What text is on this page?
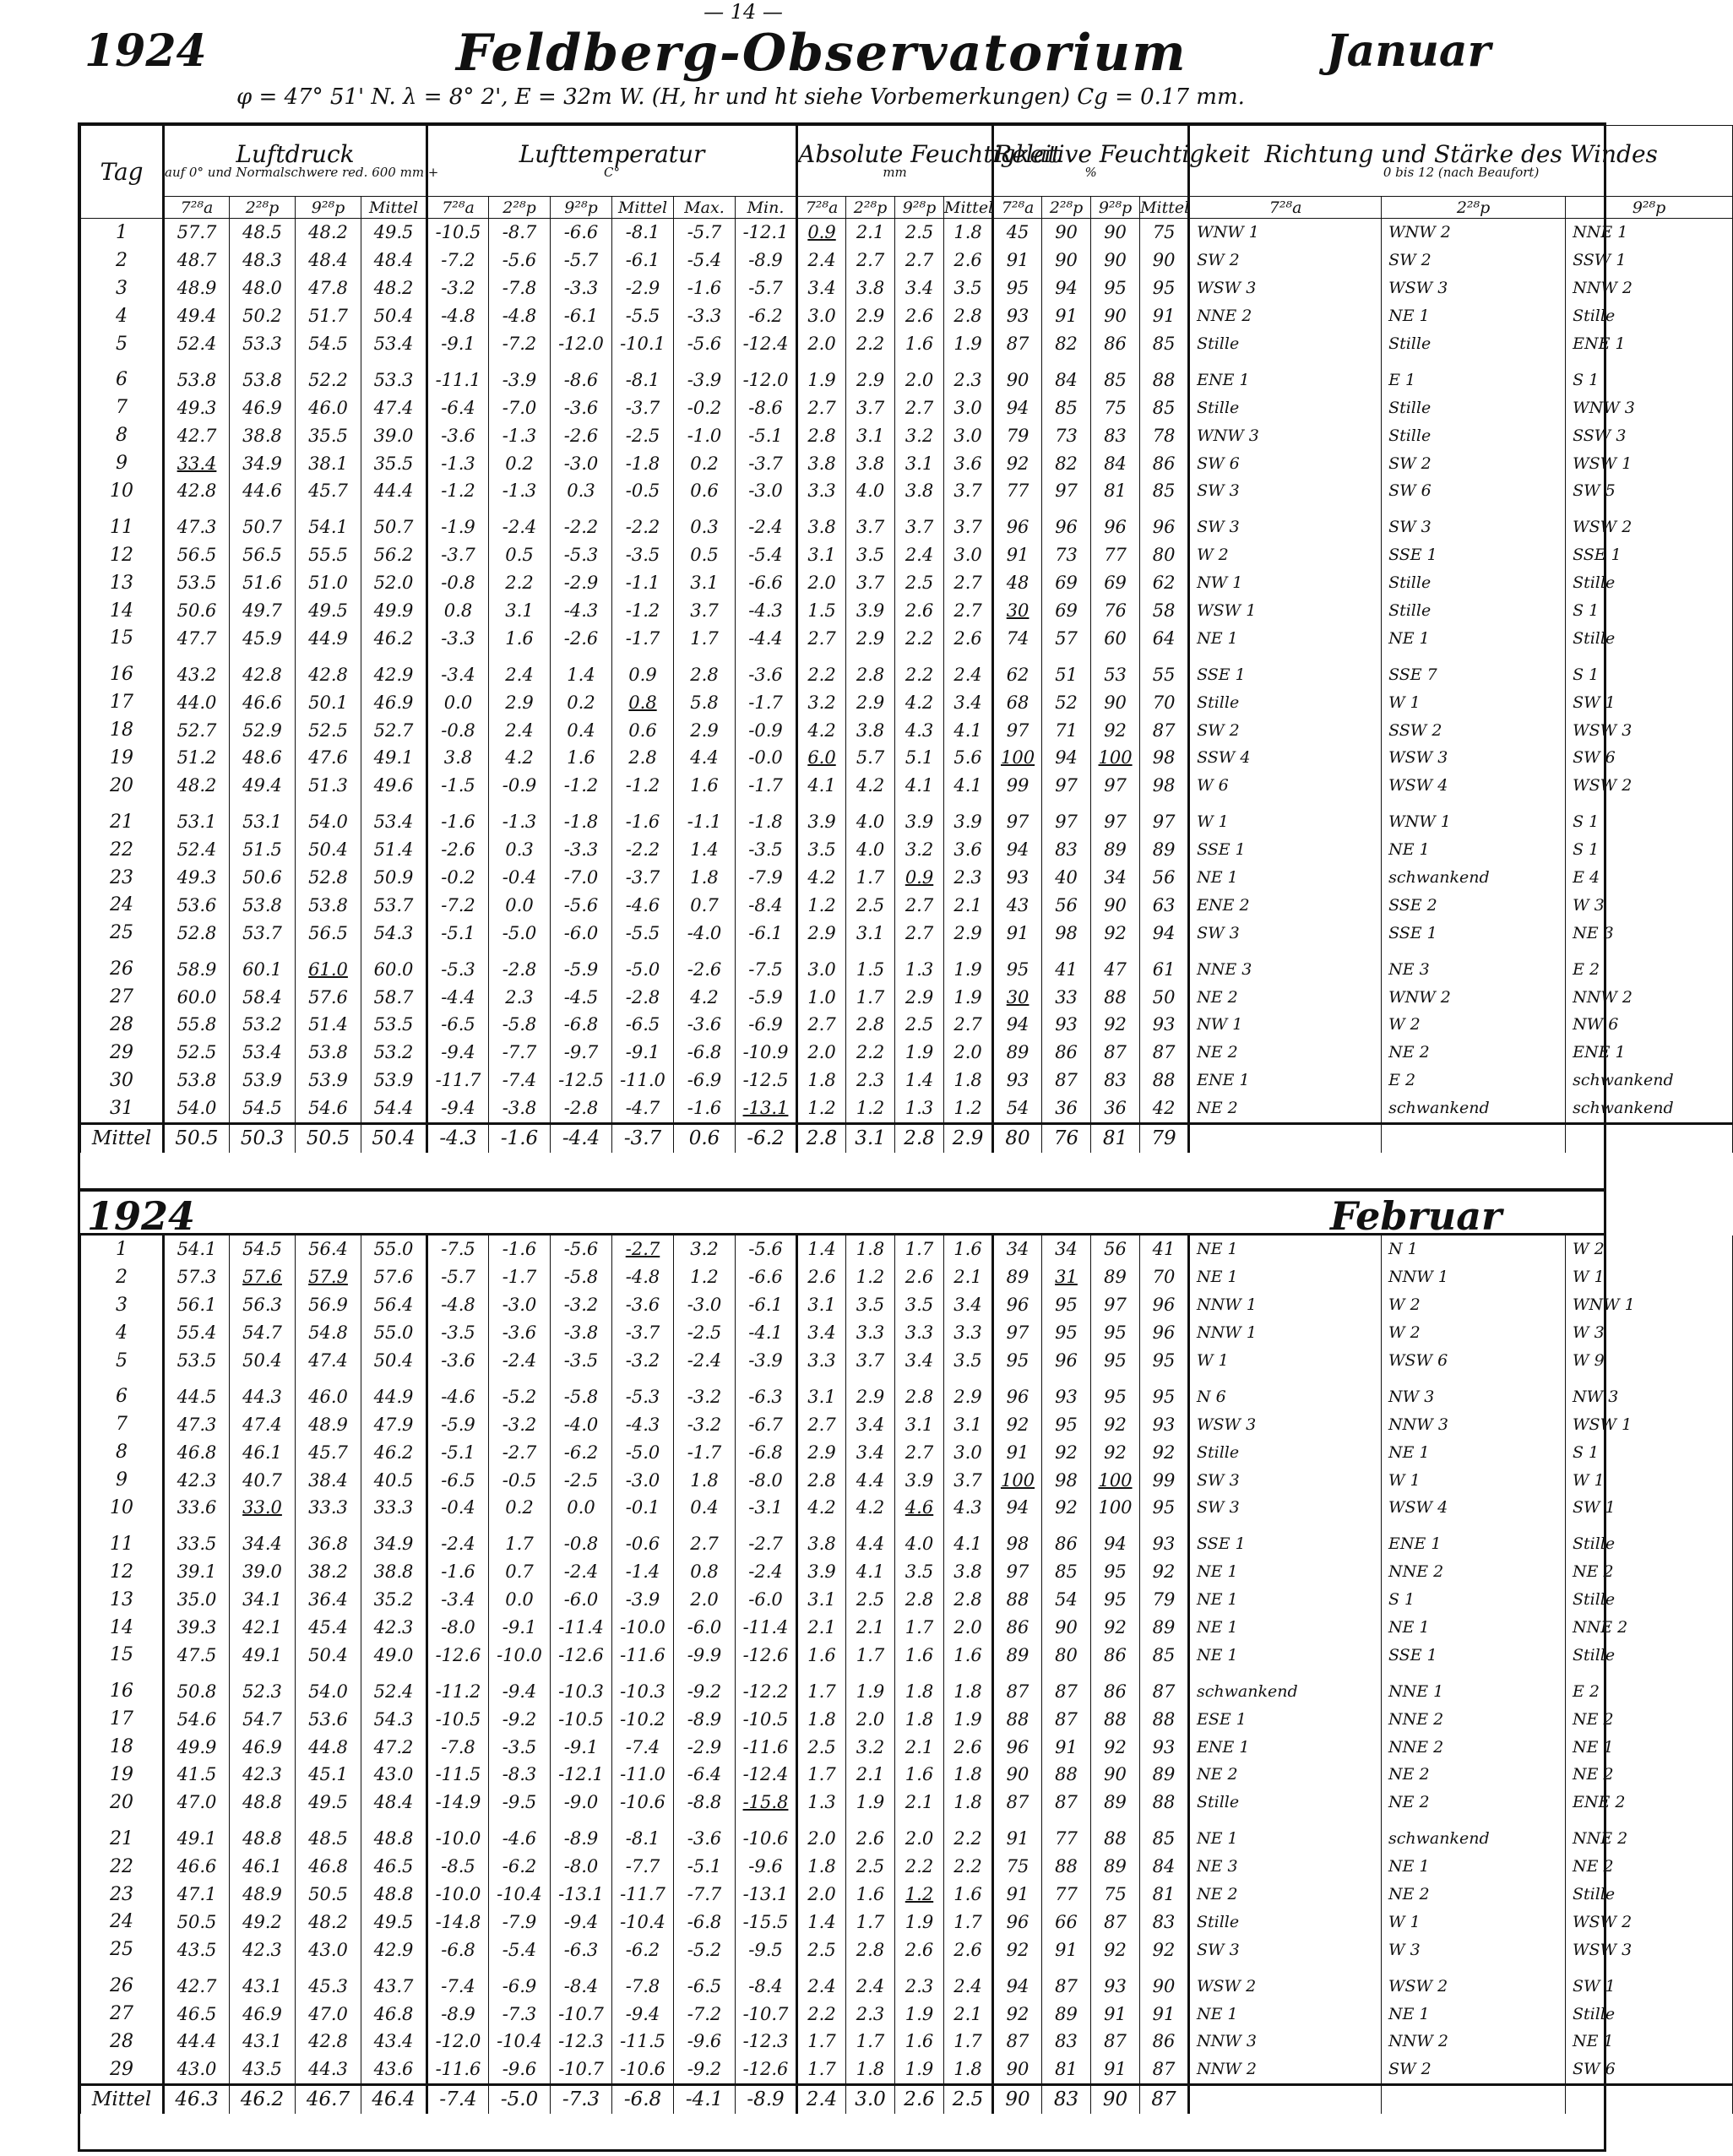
— 14 —
1924	Feldberg-Observatorium	Januar
φ = 47° 51' N. λ = 8° 2', E = 32m W. (H, hr und ht siehe Vorbemerkungen) Cg = 0.17 mm.
Tag	Luftdruck
auf 0° und Normalschwere red. 600 mm +				Lufttemperatur
C°						Absolute Feuchtigkeit
mm				Relative Feuchtigkeit
%				Richtung und Stärke des Windes
0 bis 12 (nach Beaufort)		

	7²⁸a	2²⁸p	9²⁸p	Mittel	7²⁸a	2²⁸p	9²⁸p	Mittel	Max.	Min.	7²⁸a	2²⁸p	9²⁸p	Mittel	7²⁸a	2²⁸p	9²⁸p	Mittel	7²⁸a	2²⁸p	9²⁸p
1	57.7	48.5	48.2	49.5	-10.5	-8.7	-6.6	-8.1	-5.7	-12.1	0.9	2.1	2.5	1.8	45	90	90	75	WNW 1	WNW 2	NNE 1
2	48.7	48.3	48.4	48.4	-7.2	-5.6	-5.7	-6.1	-5.4	-8.9	2.4	2.7	2.7	2.6	91	90	90	90	SW 2	SW 2	SSW 1
3	48.9	48.0	47.8	48.2	-3.2	-7.8	-3.3	-2.9	-1.6	-5.7	3.4	3.8	3.4	3.5	95	94	95	95	WSW 3	WSW 3	NNW 2
4	49.4	50.2	51.7	50.4	-4.8	-4.8	-6.1	-5.5	-3.3	-6.2	3.0	2.9	2.6	2.8	93	91	90	91	NNE 2	NE 1	Stille
5	52.4	53.3	54.5	53.4	-9.1	-7.2	-12.0	-10.1	-5.6	-12.4	2.0	2.2	1.6	1.9	87	82	86	85	Stille	Stille	ENE 1
6	53.8	53.8	52.2	53.3	-11.1	-3.9	-8.6	-8.1	-3.9	-12.0	1.9	2.9	2.0	2.3	90	84	85	88	ENE 1	E 1	S 1
7	49.3	46.9	46.0	47.4	-6.4	-7.0	-3.6	-3.7	-0.2	-8.6	2.7	3.7	2.7	3.0	94	85	75	85	Stille	Stille	WNW 3
8	42.7	38.8	35.5	39.0	-3.6	-1.3	-2.6	-2.5	-1.0	-5.1	2.8	3.1	3.2	3.0	79	73	83	78	WNW 3	Stille	SSW 3
9	33.4	34.9	38.1	35.5	-1.3	0.2	-3.0	-1.8	0.2	-3.7	3.8	3.8	3.1	3.6	92	82	84	86	SW 6	SW 2	WSW 1
10	42.8	44.6	45.7	44.4	-1.2	-1.3	0.3	-0.5	0.6	-3.0	3.3	4.0	3.8	3.7	77	97	81	85	SW 3	SW 6	SW 5
11	47.3	50.7	54.1	50.7	-1.9	-2.4	-2.2	-2.2	0.3	-2.4	3.8	3.7	3.7	3.7	96	96	96	96	SW 3	SW 3	WSW 2
12	56.5	56.5	55.5	56.2	-3.7	0.5	-5.3	-3.5	0.5	-5.4	3.1	3.5	2.4	3.0	91	73	77	80	W 2	SSE 1	SSE 1
13	53.5	51.6	51.0	52.0	-0.8	2.2	-2.9	-1.1	3.1	-6.6	2.0	3.7	2.5	2.7	48	69	69	62	NW 1	Stille	Stille
14	50.6	49.7	49.5	49.9	0.8	3.1	-4.3	-1.2	3.7	-4.3	1.5	3.9	2.6	2.7	30	69	76	58	WSW 1	Stille	S 1
15	47.7	45.9	44.9	46.2	-3.3	1.6	-2.6	-1.7	1.7	-4.4	2.7	2.9	2.2	2.6	74	57	60	64	NE 1	NE 1	Stille
16	43.2	42.8	42.8	42.9	-3.4	2.4	1.4	0.9	2.8	-3.6	2.2	2.8	2.2	2.4	62	51	53	55	SSE 1	SSE 7	S 1
17	44.0	46.6	50.1	46.9	0.0	2.9	0.2	0.8	5.8	-1.7	3.2	2.9	4.2	3.4	68	52	90	70	Stille	W 1	SW 1
18	52.7	52.9	52.5	52.7	-0.8	2.4	0.4	0.6	2.9	-0.9	4.2	3.8	4.3	4.1	97	71	92	87	SW 2	SSW 2	WSW 3
19	51.2	48.6	47.6	49.1	3.8	4.2	1.6	2.8	4.4	-0.0	6.0	5.7	5.1	5.6	100	94	100	98	SSW 4	WSW 3	SW 6
20	48.2	49.4	51.3	49.6	-1.5	-0.9	-1.2	-1.2	1.6	-1.7	4.1	4.2	4.1	4.1	99	97	97	98	W 6	WSW 4	WSW 2
21	53.1	53.1	54.0	53.4	-1.6	-1.3	-1.8	-1.6	-1.1	-1.8	3.9	4.0	3.9	3.9	97	97	97	97	W 1	WNW 1	S 1
22	52.4	51.5	50.4	51.4	-2.6	0.3	-3.3	-2.2	1.4	-3.5	3.5	4.0	3.2	3.6	94	83	89	89	SSE 1	NE 1	S 1
23	49.3	50.6	52.8	50.9	-0.2	-0.4	-7.0	-3.7	1.8	-7.9	4.2	1.7	0.9	2.3	93	40	34	56	NE 1	schwankend	E 4
24	53.6	53.8	53.8	53.7	-7.2	0.0	-5.6	-4.6	0.7	-8.4	1.2	2.5	2.7	2.1	43	56	90	63	ENE 2	SSE 2	W 3
25	52.8	53.7	56.5	54.3	-5.1	-5.0	-6.0	-5.5	-4.0	-6.1	2.9	3.1	2.7	2.9	91	98	92	94	SW 3	SSE 1	NE 3
26	58.9	60.1	61.0	60.0	-5.3	-2.8	-5.9	-5.0	-2.6	-7.5	3.0	1.5	1.3	1.9	95	41	47	61	NNE 3	NE 3	E 2
27	60.0	58.4	57.6	58.7	-4.4	2.3	-4.5	-2.8	4.2	-5.9	1.0	1.7	2.9	1.9	30	33	88	50	NE 2	WNW 2	NNW 2
28	55.8	53.2	51.4	53.5	-6.5	-5.8	-6.8	-6.5	-3.6	-6.9	2.7	2.8	2.5	2.7	94	93	92	93	NW 1	W 2	NW 6
29	52.5	53.4	53.8	53.2	-9.4	-7.7	-9.7	-9.1	-6.8	-10.9	2.0	2.2	1.9	2.0	89	86	87	87	NE 2	NE 2	ENE 1
30	53.8	53.9	53.9	53.9	-11.7	-7.4	-12.5	-11.0	-6.9	-12.5	1.8	2.3	1.4	1.8	93	87	83	88	ENE 1	E 2	schwankend
31	54.0	54.5	54.6	54.4	-9.4	-3.8	-2.8	-4.7	-1.6	-13.1	1.2	1.2	1.3	1.2	54	36	36	42	NE 2	schwankend	schwankend
Mittel	50.5	50.3	50.5	50.4	-4.3	-1.6	-4.4	-3.7	0.6	-6.2	2.8	3.1	2.8	2.9	80	76	81	79			
1924	Februar
1	54.1	54.5	56.4	55.0	-7.5	-1.6	-5.6	-2.7	3.2	-5.6	1.4	1.8	1.7	1.6	34	34	56	41	NE 1	N 1	W 2
2	57.3	57.6	57.9	57.6	-5.7	-1.7	-5.8	-4.8	1.2	-6.6	2.6	1.2	2.6	2.1	89	31	89	70	NE 1	NNW 1	W 1
3	56.1	56.3	56.9	56.4	-4.8	-3.0	-3.2	-3.6	-3.0	-6.1	3.1	3.5	3.5	3.4	96	95	97	96	NNW 1	W 2	WNW 1
4	55.4	54.7	54.8	55.0	-3.5	-3.6	-3.8	-3.7	-2.5	-4.1	3.4	3.3	3.3	3.3	97	95	95	96	NNW 1	W 2	W 3
5	53.5	50.4	47.4	50.4	-3.6	-2.4	-3.5	-3.2	-2.4	-3.9	3.3	3.7	3.4	3.5	95	96	95	95	W 1	WSW 6	W 9
6	44.5	44.3	46.0	44.9	-4.6	-5.2	-5.8	-5.3	-3.2	-6.3	3.1	2.9	2.8	2.9	96	93	95	95	N 6	NW 3	NW 3
7	47.3	47.4	48.9	47.9	-5.9	-3.2	-4.0	-4.3	-3.2	-6.7	2.7	3.4	3.1	3.1	92	95	92	93	WSW 3	NNW 3	WSW 1
8	46.8	46.1	45.7	46.2	-5.1	-2.7	-6.2	-5.0	-1.7	-6.8	2.9	3.4	2.7	3.0	91	92	92	92	Stille	NE 1	S 1
9	42.3	40.7	38.4	40.5	-6.5	-0.5	-2.5	-3.0	1.8	-8.0	2.8	4.4	3.9	3.7	100	98	100	99	SW 3	W 1	W 1
10	33.6	33.0	33.3	33.3	-0.4	0.2	0.0	-0.1	0.4	-3.1	4.2	4.2	4.6	4.3	94	92	100	95	SW 3	WSW 4	SW 1
11	33.5	34.4	36.8	34.9	-2.4	1.7	-0.8	-0.6	2.7	-2.7	3.8	4.4	4.0	4.1	98	86	94	93	SSE 1	ENE 1	Stille
12	39.1	39.0	38.2	38.8	-1.6	0.7	-2.4	-1.4	0.8	-2.4	3.9	4.1	3.5	3.8	97	85	95	92	NE 1	NNE 2	NE 2
13	35.0	34.1	36.4	35.2	-3.4	0.0	-6.0	-3.9	2.0	-6.0	3.1	2.5	2.8	2.8	88	54	95	79	NE 1	S 1	Stille
14	39.3	42.1	45.4	42.3	-8.0	-9.1	-11.4	-10.0	-6.0	-11.4	2.1	2.1	1.7	2.0	86	90	92	89	NE 1	NE 1	NNE 2
15	47.5	49.1	50.4	49.0	-12.6	-10.0	-12.6	-11.6	-9.9	-12.6	1.6	1.7	1.6	1.6	89	80	86	85	NE 1	SSE 1	Stille
16	50.8	52.3	54.0	52.4	-11.2	-9.4	-10.3	-10.3	-9.2	-12.2	1.7	1.9	1.8	1.8	87	87	86	87	schwankend	NNE 1	E 2
17	54.6	54.7	53.6	54.3	-10.5	-9.2	-10.5	-10.2	-8.9	-10.5	1.8	2.0	1.8	1.9	88	87	88	88	ESE 1	NNE 2	NE 2
18	49.9	46.9	44.8	47.2	-7.8	-3.5	-9.1	-7.4	-2.9	-11.6	2.5	3.2	2.1	2.6	96	91	92	93	ENE 1	NNE 2	NE 1
19	41.5	42.3	45.1	43.0	-11.5	-8.3	-12.1	-11.0	-6.4	-12.4	1.7	2.1	1.6	1.8	90	88	90	89	NE 2	NE 2	NE 2
20	47.0	48.8	49.5	48.4	-14.9	-9.5	-9.0	-10.6	-8.8	-15.8	1.3	1.9	2.1	1.8	87	87	89	88	Stille	NE 2	ENE 2
21	49.1	48.8	48.5	48.8	-10.0	-4.6	-8.9	-8.1	-3.6	-10.6	2.0	2.6	2.0	2.2	91	77	88	85	NE 1	schwankend	NNE 2
22	46.6	46.1	46.8	46.5	-8.5	-6.2	-8.0	-7.7	-5.1	-9.6	1.8	2.5	2.2	2.2	75	88	89	84	NE 3	NE 1	NE 2
23	47.1	48.9	50.5	48.8	-10.0	-10.4	-13.1	-11.7	-7.7	-13.1	2.0	1.6	1.2	1.6	91	77	75	81	NE 2	NE 2	Stille
24	50.5	49.2	48.2	49.5	-14.8	-7.9	-9.4	-10.4	-6.8	-15.5	1.4	1.7	1.9	1.7	96	66	87	83	Stille	W 1	WSW 2
25	43.5	42.3	43.0	42.9	-6.8	-5.4	-6.3	-6.2	-5.2	-9.5	2.5	2.8	2.6	2.6	92	91	92	92	SW 3	W 3	WSW 3
26	42.7	43.1	45.3	43.7	-7.4	-6.9	-8.4	-7.8	-6.5	-8.4	2.4	2.4	2.3	2.4	94	87	93	90	WSW 2	WSW 2	SW 1
27	46.5	46.9	47.0	46.8	-8.9	-7.3	-10.7	-9.4	-7.2	-10.7	2.2	2.3	1.9	2.1	92	89	91	91	NE 1	NE 1	Stille
28	44.4	43.1	42.8	43.4	-12.0	-10.4	-12.3	-11.5	-9.6	-12.3	1.7	1.7	1.6	1.7	87	83	87	86	NNW 3	NNW 2	NE 1
29	43.0	43.5	44.3	43.6	-11.6	-9.6	-10.7	-10.6	-9.2	-12.6	1.7	1.8	1.9	1.8	90	81	91	87	NNW 2	SW 2	SW 6
Mittel	46.3	46.2	46.7	46.4	-7.4	-5.0	-7.3	-6.8	-4.1	-8.9	2.4	3.0	2.6	2.5	90	83	90	87			
